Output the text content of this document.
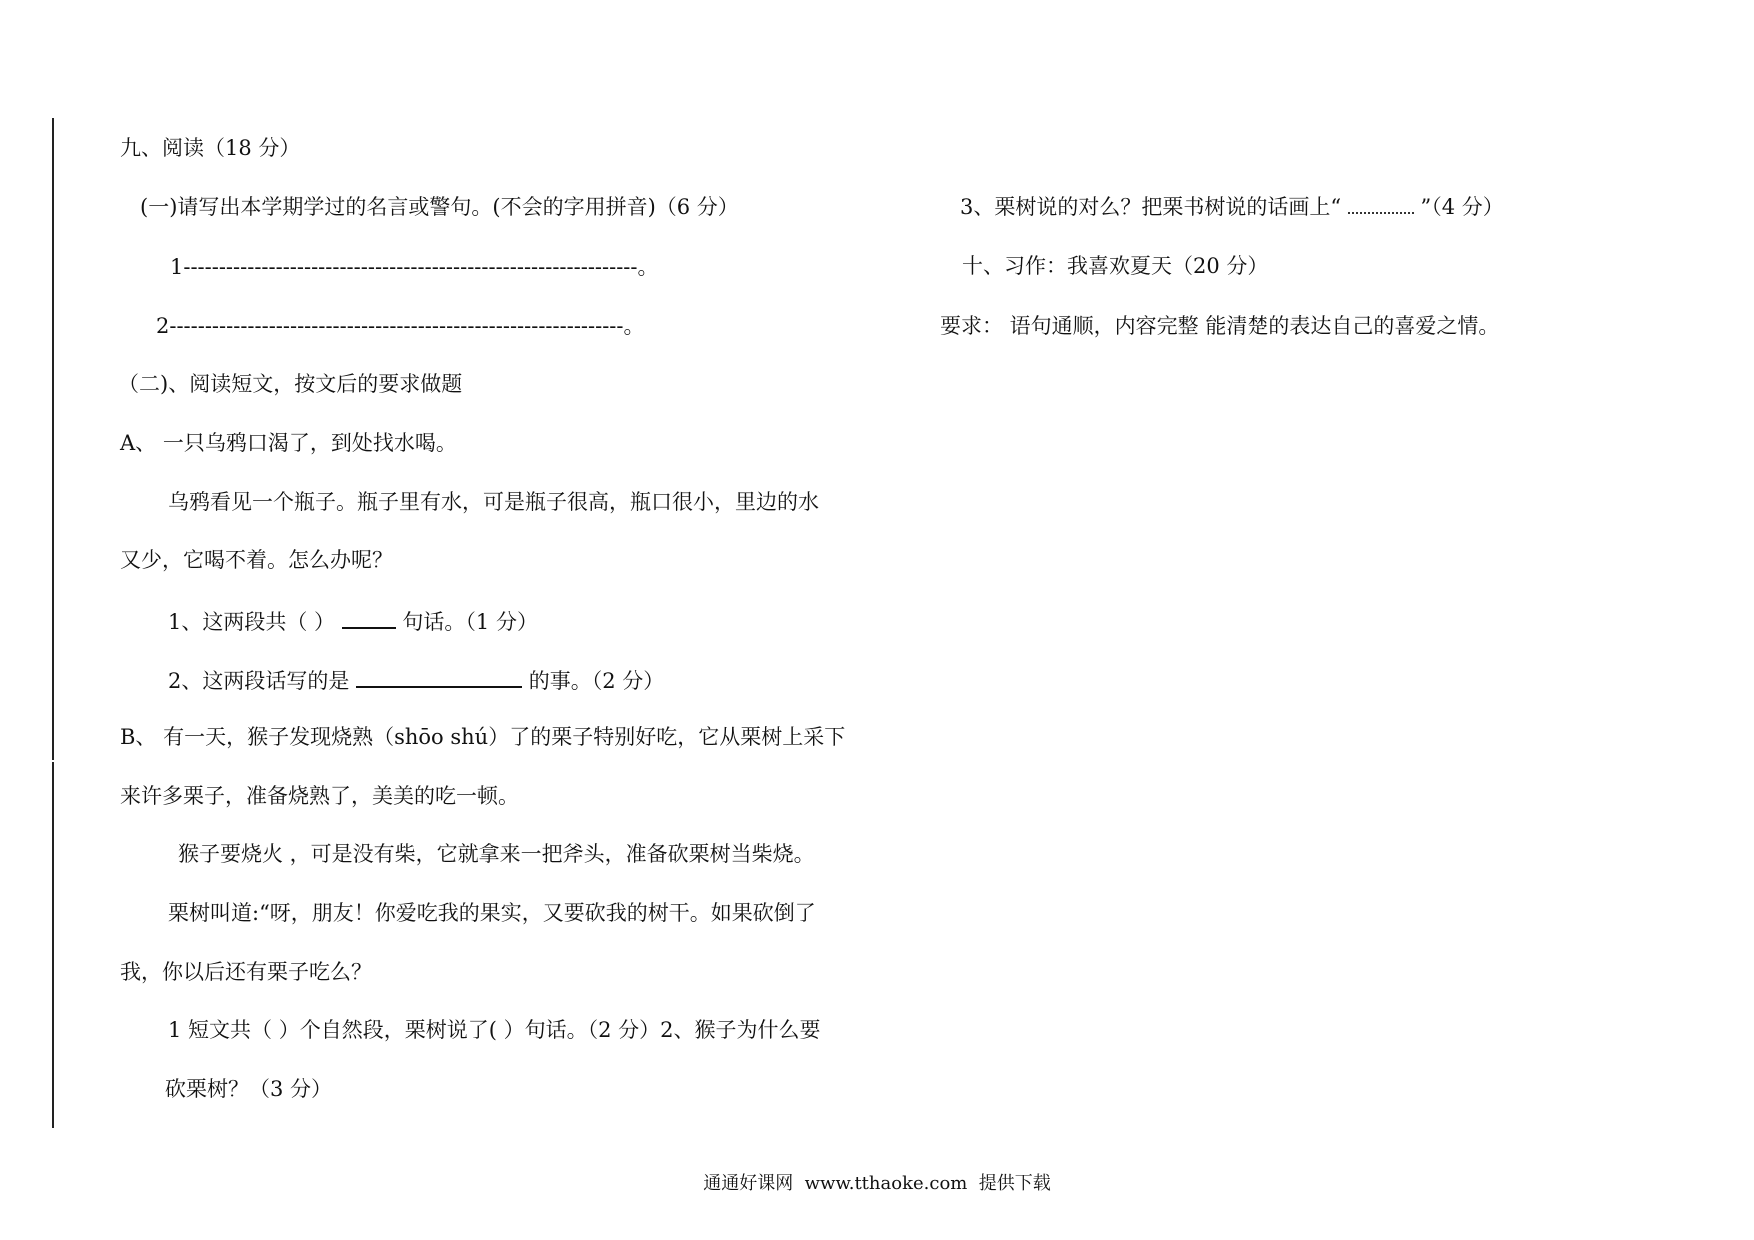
九、阅读（18 分）
(一)请写出本学期学过的名言或警句。(不会的字用拼音)（6 分）
1----------------------------------------------------------------。
2----------------------------------------------------------------。
（二)、阅读短文，按文后的要求做题
A、 一只乌鸦口渴了，到处找水喝。
乌鸦看见一个瓶子。瓶子里有水，可是瓶子很高，瓶口很小，里边的水
又少，它喝不着。怎么办呢？
1、这两段共（ ）	句话。（1 分）
2、这两段话写的是	的事。（2 分）
B、 有一天，猴子发现烧熟（shōo shú）了的栗子特别好吃，它从栗树上采下
来许多栗子，准备烧熟了，美美的吃一顿。
猴子要烧火 ，可是没有柴，它就拿来一把斧头，准备砍栗树当柴烧。
栗树叫道:“呀，朋友！你爱吃我的果实，又要砍我的树干。如果砍倒了
我，你以后还有栗子吃么？
1 短文共（ ）个自然段，栗树说了( ）句话。（2 分）2、猴子为什么要
砍栗树？（3 分）
3、栗树说的对么？把栗书树说的话画上“	”（4 分）
十、习作：我喜欢夏天（20 分）
要求： 语句通顺，内容完整 能清楚的表达自己的喜爱之情。
通通好课网  www.tthaoke.com  提供下载
